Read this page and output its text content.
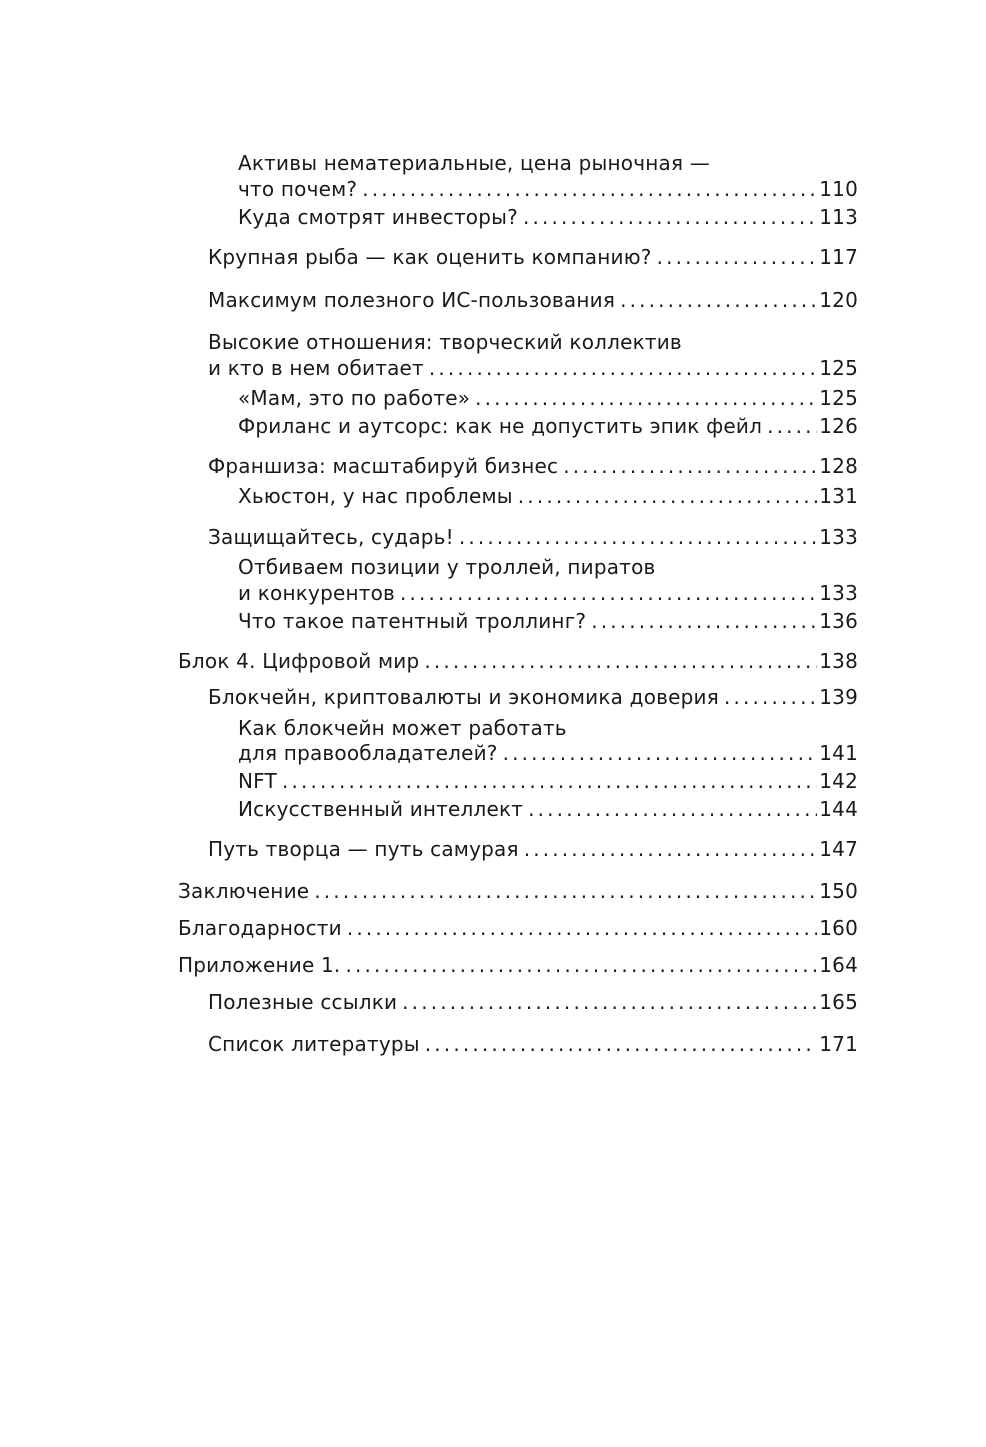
Активы нематериальные, цена рыночная —
что почем? . . .	110
Куда смотрят инвесторы? . . .	113
Крупная рыба — как оценить компанию? . . .	117
Максимум полезного ИС-пользования . . .	120
Высокие отношения: творческий коллектив
и кто в нем обитает . . .	125
«Мам, это по работе» . . .	125
Фриланс и аутсорс: как не допустить эпик фейл . . .	126
Франшиза: масштабируй бизнес . . .	128
Хьюстон, у нас проблемы . . .	131
Защищайтесь, сударь! . . .	133
Отбиваем позиции у троллей, пиратов
и конкурентов . . .	133
Что такое патентный троллинг? . . .	136
Блок 4. Цифровой мир . . .	138
Блокчейн, криптовалюты и экономика доверия . . .	139
Как блокчейн может работать
для правообладателей? . . .	141
NFT . . .	142
Искусственный интеллект . . .	144
Путь творца — путь самурая . . .	147
Заключение . . .	150
Благодарности . . .	160
Приложение 1. . . .	164
Полезные ссылки . . .	165
Список литературы . . .	171
